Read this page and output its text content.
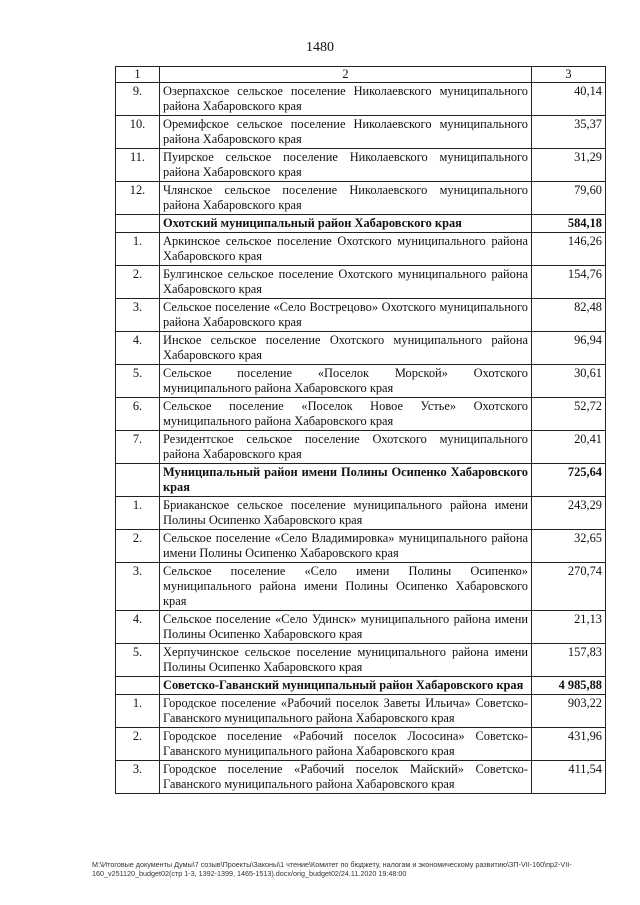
1480
1	2	3
9.	Озерпахское сельское поселение Николаевского муниципального района Хабаровского края	40,14
10.	Оремифское сельское поселение Николаевского муниципального района Хабаровского края	35,37
11.	Пуирское сельское поселение Николаевского муниципального района Хабаровского края	31,29
12.	Члянское сельское поселение Николаевского муниципального района Хабаровского края	79,60
	Охотский муниципальный район Хабаровского края	584,18
1.	Аркинское сельское поселение Охотского муниципального района Хабаровского края	146,26
2.	Булгинское сельское поселение Охотского муниципального района Хабаровского края	154,76
3.	Сельское поселение «Село Вострецово» Охотского муниципального района Хабаровского края	82,48
4.	Инское сельское поселение Охотского муниципального района Хабаровского края	96,94
5.	Сельское поселение «Поселок Морской» Охотского муниципального района Хабаровского края	30,61
6.	Сельское поселение «Поселок Новое Устье» Охотского муниципального района Хабаровского края	52,72
7.	Резидентское сельское поселение Охотского муниципального района Хабаровского края	20,41
	Муниципальный район имени Полины Осипенко Хабаровского края	725,64
1.	Бриаканское сельское поселение муниципального района имени Полины Осипенко Хабаровского края	243,29
2.	Сельское поселение «Село Владимировка» муниципального района имени Полины Осипенко Хабаровского края	32,65
3.	Сельское поселение «Село имени Полины Осипенко» муниципального района имени Полины Осипенко Хабаровского края	270,74
4.	Сельское поселение «Село Удинск» муниципального района имени Полины Осипенко Хабаровского края	21,13
5.	Херпучинское сельское поселение муниципального района имени Полины Осипенко Хабаровского края	157,83
	Советско-Гаванский муниципальный район Хабаровского края	4 985,88
1.	Городское поселение «Рабочий поселок Заветы Ильича» Советско-Гаванского муниципального района Хабаровского края	903,22
2.	Городское поселение «Рабочий поселок Лососина» Советско-Гаванского муниципального района Хабаровского края	431,96
3.	Городское поселение «Рабочий поселок Майский» Советско-Гаванского муниципального района Хабаровского края	411,54
M:\Итоговые документы Думы\7 созыв\Проекты\Законы\1 чтение\Комитет по бюджету, налогам и экономическому развитию\ЗП-VII-160\пр2-VII-160_v251120_budget02(стр 1-3, 1392-1399, 1465-1513).docx/orig_budget02/24.11.2020 19:48:00
